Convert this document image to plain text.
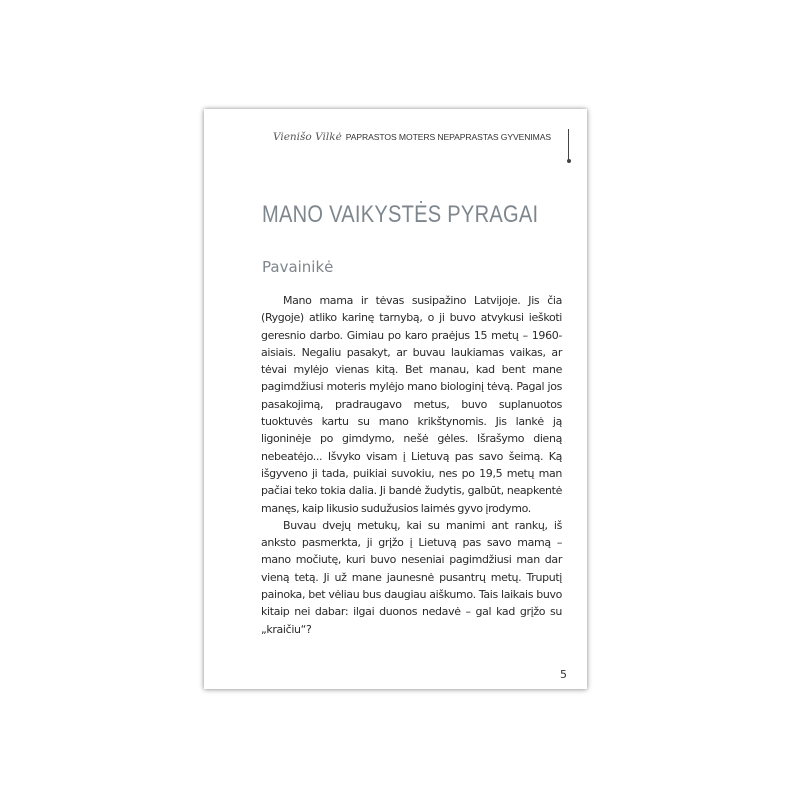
Vienišo Vilkė PAPRASTOS MOTERS NEPAPRASTAS GYVENIMAS
MANO VAIKYSTĖS PYRAGAI
Pavainikė

Mano mama ir tėvas susipažino Latvijoje. Jis čia (Rygoje) atliko karinę tarnybą, o ji buvo atvykusi ieškoti geresnio darbo. Gimiau po karo praėjus 15 metų – 1960-aisiais. Negaliu pasakyt, ar buvau laukiamas vaikas, ar tėvai mylėjo vienas kitą. Bet manau, kad bent mane pagimdžiusi moteris mylėjo mano biologinį tėvą. Pagal jos pasakojimą, pradraugavo metus, buvo suplanuotos tuoktuvės kartu su mano krikštynomis. Jis lankė ją ligoninėje po gimdymo, nešė gėles. Išrašymo dieną nebeatėjo... Išvyko visam į Lietuvą pas savo šeimą. Ką išgyveno ji tada, puikiai suvokiu, nes po 19,5 metų man pačiai teko tokia dalia. Ji bandė žudytis, galbūt, neapkentė manęs, kaip likusio sudužusios laimės gyvo įrodymo.

Buvau dvejų metukų, kai su manimi ant rankų, iš anksto pasmerkta, ji grįžo į Lietuvą pas savo mamą – mano močiutę, kuri buvo neseniai pagimdžiusi man dar vieną tetą. Ji už mane jaunesnė pusantrų metų. Truputį painoka, bet vėliau bus daugiau aiškumo. Tais laikais buvo kitaip nei dabar: ilgai duonos nedavė – gal kad grįžo su „kraičiu“?

5
